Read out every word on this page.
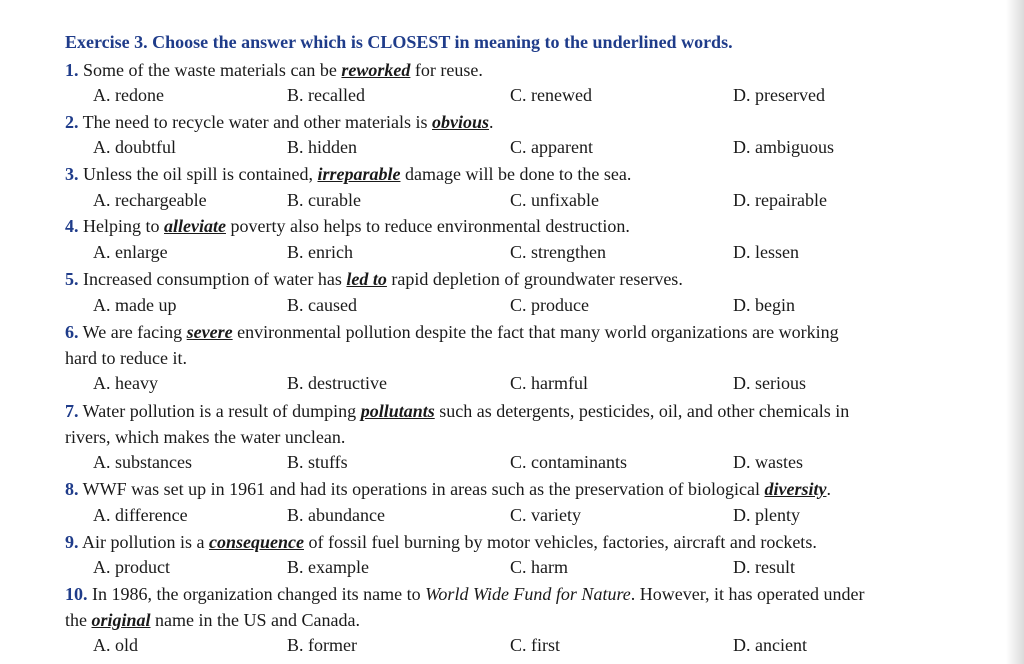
Exercise 3. Choose the answer which is CLOSEST in meaning to the underlined words.
1. Some of the waste materials can be reworked for reuse.
A. redone	B. recalled	C. renewed	D. preserved
2. The need to recycle water and other materials is obvious.
A. doubtful	B. hidden	C. apparent	D. ambiguous
3. Unless the oil spill is contained, irreparable damage will be done to the sea.
A. rechargeable	B. curable	C. unfixable	D. repairable
4. Helping to alleviate poverty also helps to reduce environmental destruction.
A. enlarge	B. enrich	C. strengthen	D. lessen
5. Increased consumption of water has led to rapid depletion of groundwater reserves.
A. made up	B. caused	C. produce	D. begin
6. We are facing severe environmental pollution despite the fact that many world organizations are working
hard to reduce it.
A. heavy	B. destructive	C. harmful	D. serious
7. Water pollution is a result of dumping pollutants such as detergents, pesticides, oil, and other chemicals in
rivers, which makes the water unclean.
A. substances	B. stuffs	C. contaminants	D. wastes
8. WWF was set up in 1961 and had its operations in areas such as the preservation of biological diversity.
A. difference	B. abundance	C. variety	D. plenty
9. Air pollution is a consequence of fossil fuel burning by motor vehicles, factories, aircraft and rockets.
A. product	B. example	C. harm	D. result
10. In 1986, the organization changed its name to World Wide Fund for Nature. However, it has operated under
the original name in the US and Canada.
A. old	B. former	C. first	D. ancient
